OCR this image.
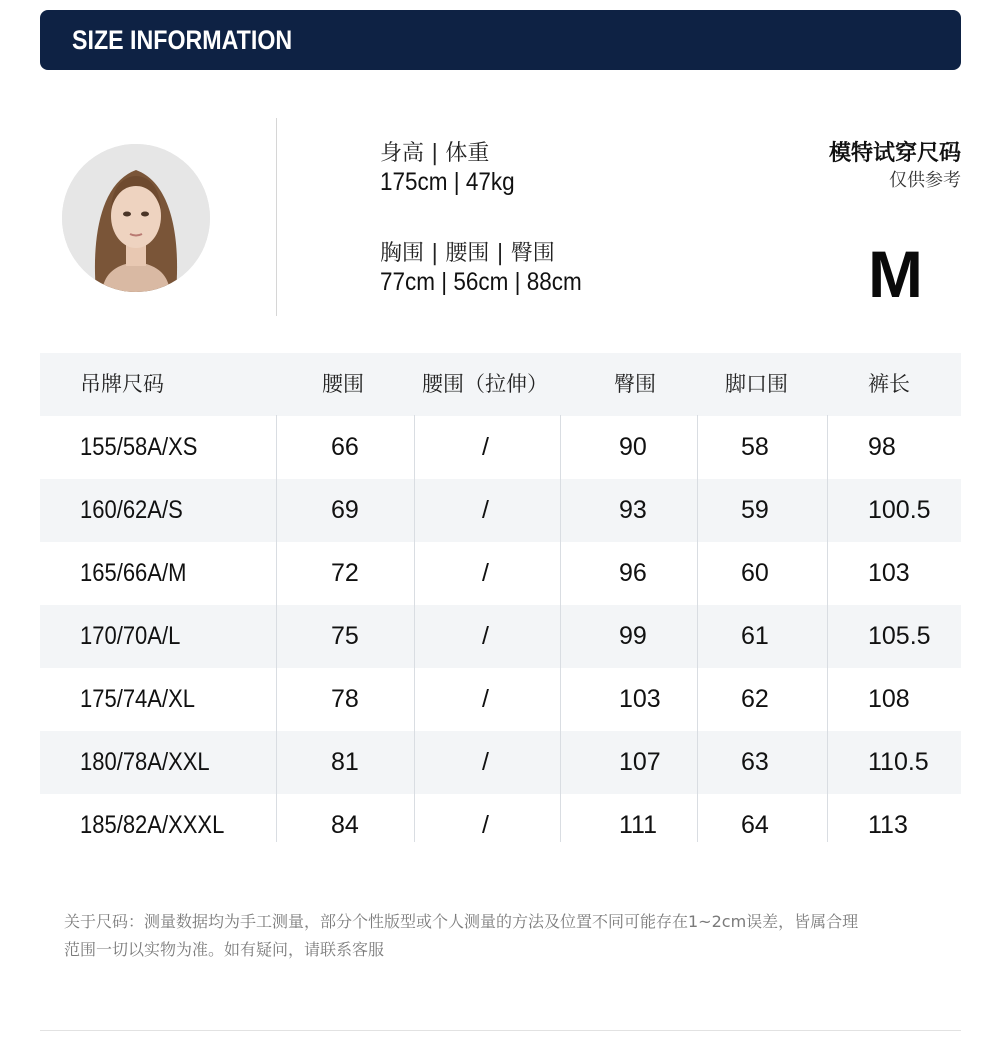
SIZE INFORMATION
身高 | 体重
175cm | 47kg
胸围 | 腰围 | 臀围
77cm | 56cm | 88cm
模特试穿尺码
仅供参考
M
吊牌尺码	腰围	腰围（拉伸）	臀围	脚口围	裤长
155/58A/XS	66	/	90	58	98
160/62A/S	69	/	93	59	100.5
165/66A/M	72	/	96	60	103
170/70A/L	75	/	99	61	105.5
175/74A/XL	78	/	103	62	108
180/78A/XXL	81	/	107	63	110.5
185/82A/XXXL	84	/	111	64	113
关于尺码：测量数据均为手工测量，部分个性版型或个人测量的方法及位置不同可能存在1~2cm误差，皆属合理
范围一切以实物为准。如有疑问，请联系客服
